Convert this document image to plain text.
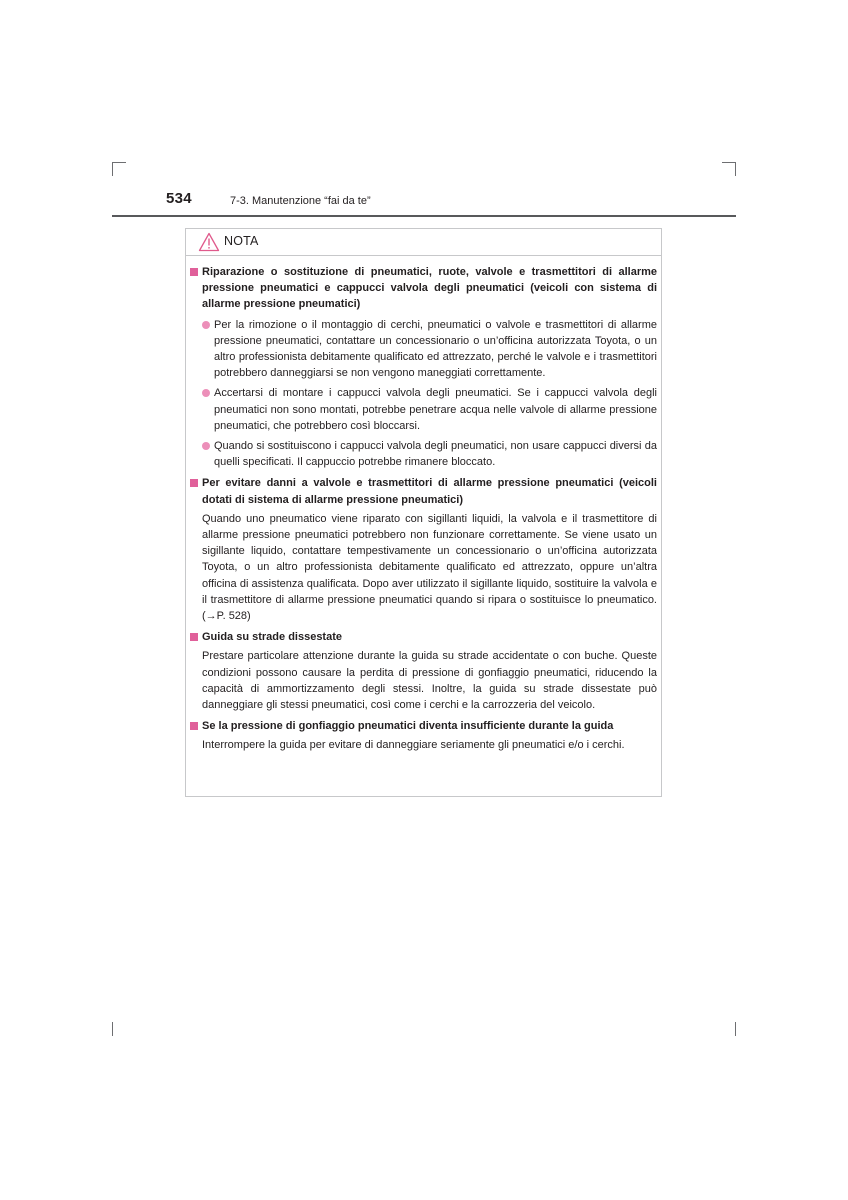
534	7-3. Manutenzione “fai da te”
NOTA
Riparazione o sostituzione di pneumatici, ruote, valvole e trasmettitori di allarme pressione pneumatici e cappucci valvola degli pneumatici (veicoli con sistema di allarme pressione pneumatici)
Per la rimozione o il montaggio di cerchi, pneumatici o valvole e trasmettitori di allarme pressione pneumatici, contattare un concessionario o un’officina autorizzata Toyota, o un altro professionista debitamente qualificato ed attrezzato, perché le valvole e i trasmettitori potrebbero danneggiarsi se non vengono maneggiati correttamente.
Accertarsi di montare i cappucci valvola degli pneumatici. Se i cappucci valvola degli pneumatici non sono montati, potrebbe penetrare acqua nelle valvole di allarme pressione pneumatici, che potrebbero così bloccarsi.
Quando si sostituiscono i cappucci valvola degli pneumatici, non usare cappucci diversi da quelli specificati. Il cappuccio potrebbe rimanere bloccato.
Per evitare danni a valvole e trasmettitori di allarme pressione pneumatici (veicoli dotati di sistema di allarme pressione pneumatici)
Quando uno pneumatico viene riparato con sigillanti liquidi, la valvola e il trasmettitore di allarme pressione pneumatici potrebbero non funzionare correttamente. Se viene usato un sigillante liquido, contattare tempestivamente un concessionario o un’officina autorizzata Toyota, o un altro professionista debitamente qualificato ed attrezzato, oppure un’altra officina di assistenza qualificata. Dopo aver utilizzato il sigillante liquido, sostituire la valvola e il trasmettitore di allarme pressione pneumatici quando si ripara o sostituisce lo pneumatico. (→P. 528)
Guida su strade dissestate
Prestare particolare attenzione durante la guida su strade accidentate o con buche. Queste condizioni possono causare la perdita di pressione di gonfiaggio pneumatici, riducendo la capacità di ammortizzamento degli stessi. Inoltre, la guida su strade dissestate può danneggiare gli stessi pneumatici, così come i cerchi e la carrozzeria del veicolo.
Se la pressione di gonfiaggio pneumatici diventa insufficiente durante la guida
Interrompere la guida per evitare di danneggiare seriamente gli pneumatici e/o i cerchi.
